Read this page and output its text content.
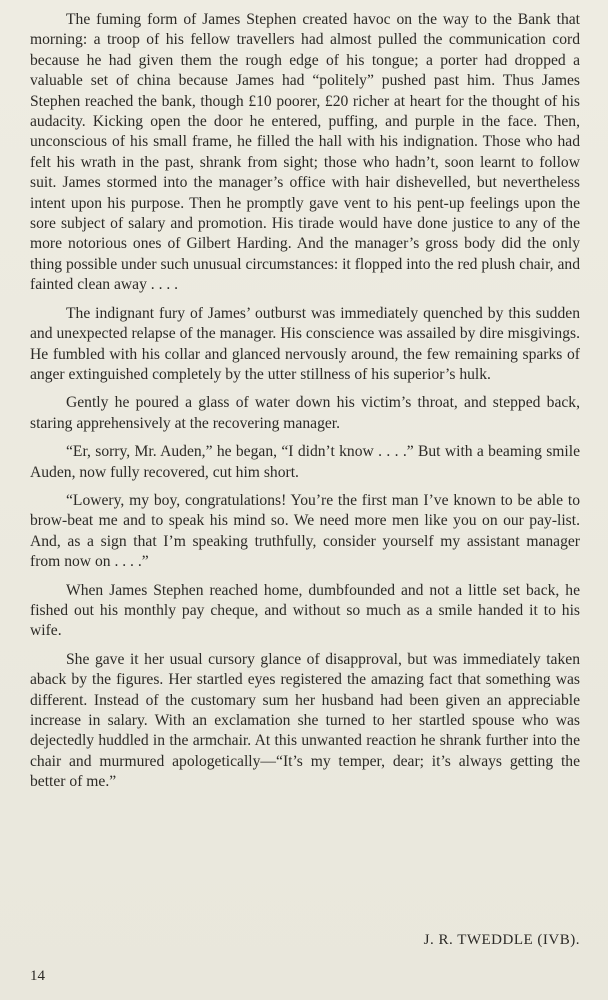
The fuming form of James Stephen created havoc on the way to the Bank that morning: a troop of his fellow travellers had almost pulled the communication cord because he had given them the rough edge of his tongue; a porter had dropped a valuable set of china because James had “politely” pushed past him. Thus James Stephen reached the bank, though £10 poorer, £20 richer at heart for the thought of his audacity. Kicking open the door he entered, puffing, and purple in the face. Then, unconscious of his small frame, he filled the hall with his indignation. Those who had felt his wrath in the past, shrank from sight; those who hadn’t, soon learnt to follow suit. James stormed into the manager’s office with hair dishevelled, but nevertheless intent upon his purpose. Then he promptly gave vent to his pent-up feelings upon the sore subject of salary and promotion. His tirade would have done justice to any of the more notorious ones of Gilbert Harding. And the manager’s gross body did the only thing possible under such unusual circumstances: it flopped into the red plush chair, and fainted clean away . . . .

The indignant fury of James’ outburst was immediately quenched by this sudden and unexpected relapse of the manager. His conscience was assailed by dire misgivings. He fumbled with his collar and glanced nervously around, the few remaining sparks of anger extinguished completely by the utter stillness of his superior’s hulk.

Gently he poured a glass of water down his victim’s throat, and stepped back, staring apprehensively at the recovering manager.

“Er, sorry, Mr. Auden,” he began, “I didn’t know . . . .” But with a beaming smile Auden, now fully recovered, cut him short.

“Lowery, my boy, congratulations! You’re the first man I’ve known to be able to brow-beat me and to speak his mind so. We need more men like you on our pay-list. And, as a sign that I’m speaking truthfully, consider yourself my assistant manager from now on . . . .”

When James Stephen reached home, dumbfounded and not a little set back, he fished out his monthly pay cheque, and without so much as a smile handed it to his wife.

She gave it her usual cursory glance of disapproval, but was immediately taken aback by the figures. Her startled eyes registered the amazing fact that something was different. Instead of the customary sum her husband had been given an appreciable increase in salary. With an exclamation she turned to her startled spouse who was dejectedly huddled in the armchair. At this unwanted reaction he shrank further into the chair and murmured apologetically—“It’s my temper, dear; it’s always getting the better of me.”

J. R. TWEDDLE (IVB).
14
